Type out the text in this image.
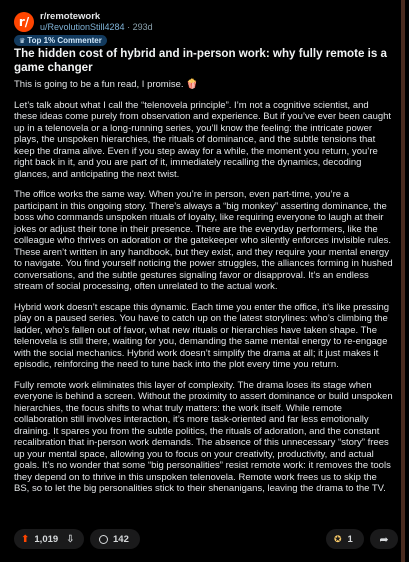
r/	r/remotework
u/RevolutionStill4284 · 293d
♛ Top 1% Commenter
The hidden cost of hybrid and in-person work: why fully remote is a game changer

This is going to be a fun read, I promise. 🍿

Let’s talk about what I call the “telenovela principle”. I’m not a cognitive scientist, and these ideas come purely from observation and experience. But if you’ve ever been caught up in a telenovela or a long-running series, you’ll know the feeling: the intricate power plays, the unspoken hierarchies, the rituals of dominance, and the subtle tensions that keep the drama alive. Even if you step away for a while, the moment you return, you’re right back in it, and you are part of it, immediately recalling the dynamics, decoding glances, and anticipating the next twist.

The office works the same way. When you’re in person, even part-time, you’re a participant in this ongoing story. There’s always a “big monkey” asserting dominance, the boss who commands unspoken rituals of loyalty, like requiring everyone to laugh at their jokes or adjust their tone in their presence. There are the everyday performers, like the colleague who thrives on adoration or the gatekeeper who silently enforces invisible rules. These aren’t written in any handbook, but they exist, and they require your mental energy to navigate. You find yourself noticing the power struggles, the alliances forming in hushed conversations, and the subtle gestures signaling favor or disapproval. It’s an endless stream of social processing, often unrelated to the actual work.

Hybrid work doesn’t escape this dynamic. Each time you enter the office, it’s like pressing play on a paused series. You have to catch up on the latest storylines: who’s climbing the ladder, who’s fallen out of favor, what new rituals or hierarchies have taken shape. The telenovela is still there, waiting for you, demanding the same mental energy to re-engage with the social mechanics. Hybrid work doesn’t simplify the drama at all; it just makes it episodic, reinforcing the need to tune back into the plot every time you return.

Fully remote work eliminates this layer of complexity. The drama loses its stage when everyone is behind a screen. Without the proximity to assert dominance or build unspoken hierarchies, the focus shifts to what truly matters: the work itself. While remote collaboration still involves interaction, it’s more task-oriented and far less emotionally draining. It spares you from the subtle politics, the rituals of adoration, and the constant recalibration that in-person work demands. The absence of this unnecessary “story” frees up your mental space, allowing you to focus on your creativity, productivity, and actual goals. It’s no wonder that some “big personalities” resist remote work: it removes the tools they depend on to thrive in this unspoken telenovela. Remote work frees us to skip the BS, so to let the big personalities stick to their shenanigans, leaving the drama to the TV.

⬆ 1,019 ⇩	142	✪ 1 ➦
